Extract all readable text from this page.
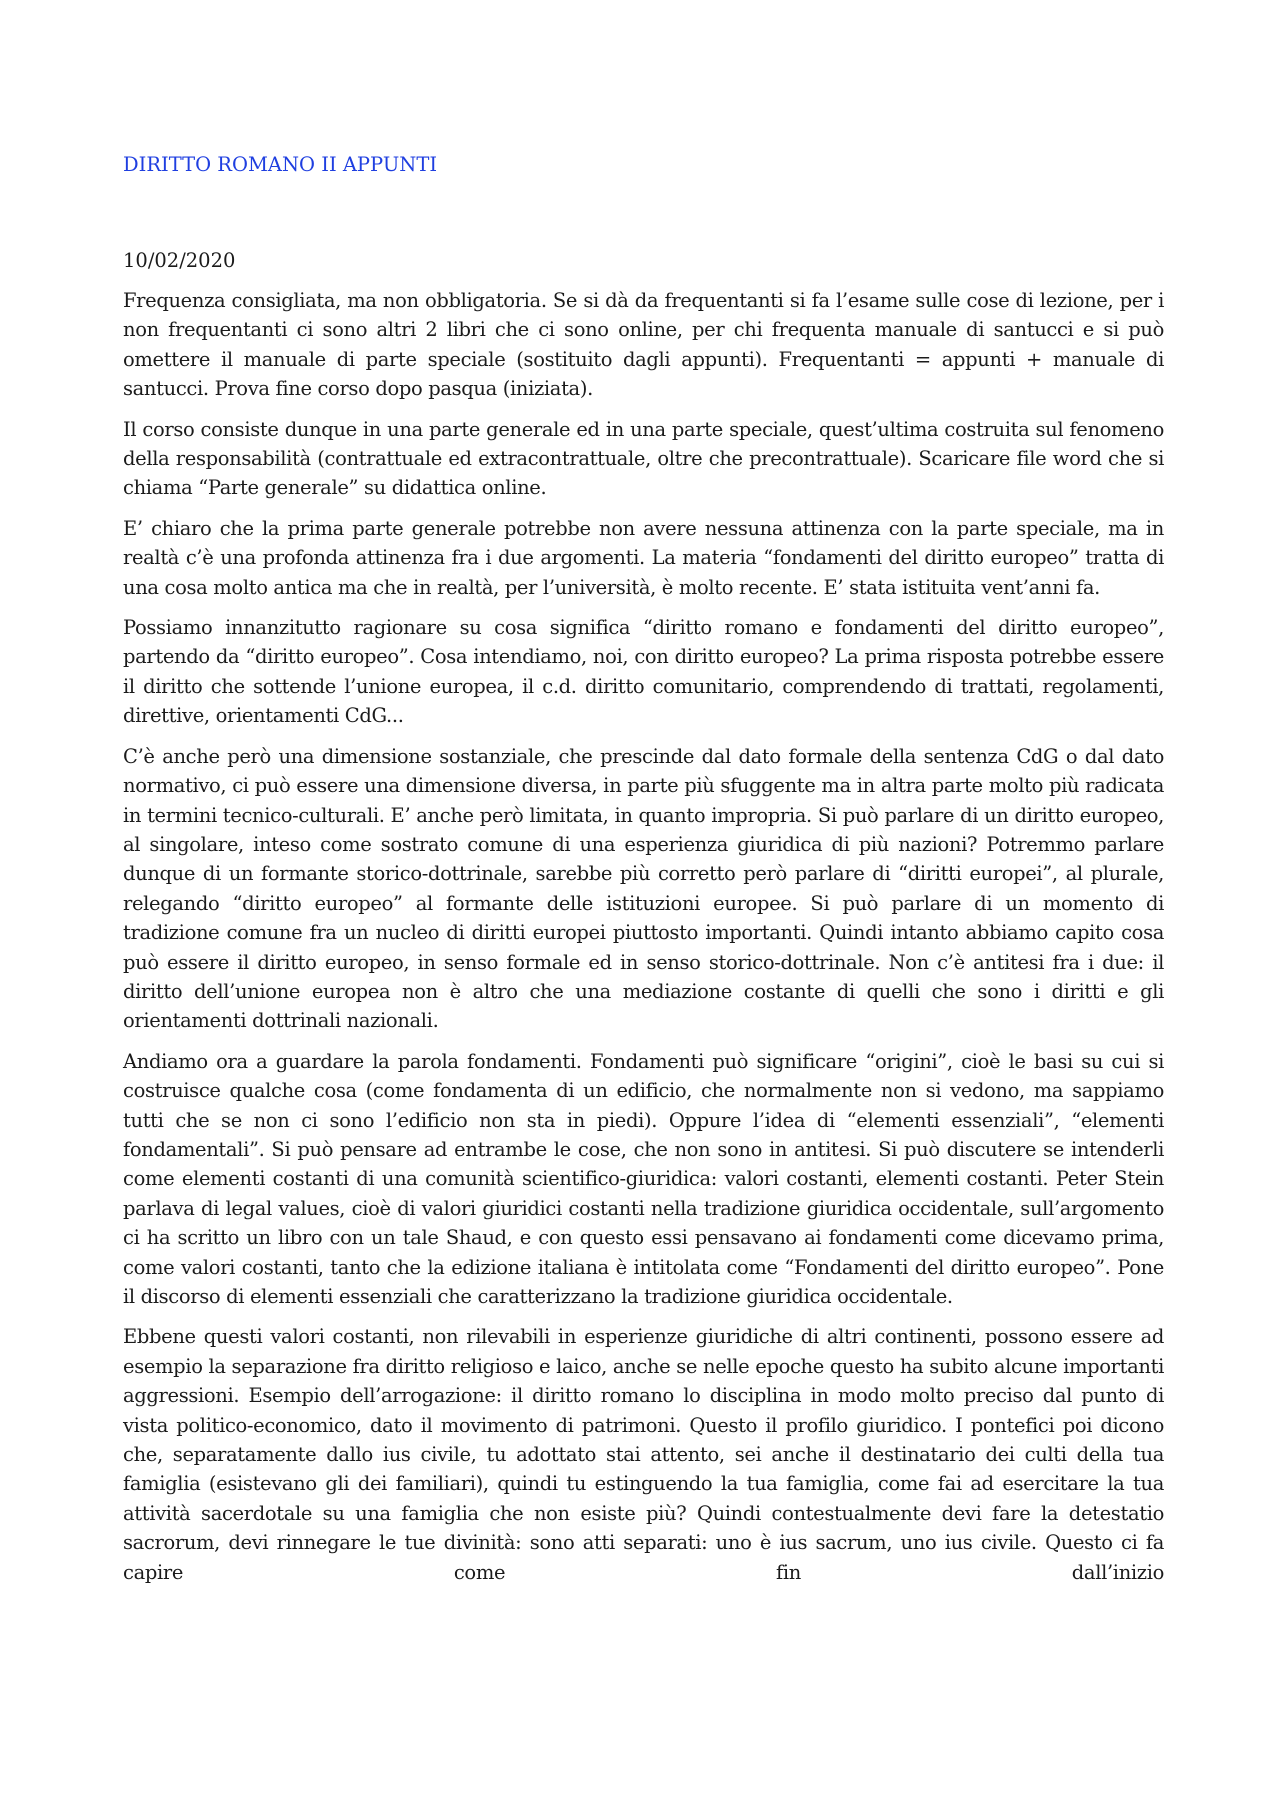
DIRITTO ROMANO II APPUNTI
10/02/2020

Frequenza consigliata, ma non obbligatoria. Se si dà da frequentanti si fa l’esame sulle cose di lezione, per i non frequentanti ci sono altri 2 libri che ci sono online, per chi frequenta manuale di santucci e si può omettere il manuale di parte speciale (sostituito dagli appunti). Frequentanti = appunti + manuale di santucci. Prova fine corso dopo pasqua (iniziata).

Il corso consiste dunque in una parte generale ed in una parte speciale, quest’ultima costruita sul fenomeno della responsabilità (contrattuale ed extracontrattuale, oltre che precontrattuale). Scaricare file word che si chiama “Parte generale” su didattica online.

E’ chiaro che la prima parte generale potrebbe non avere nessuna attinenza con la parte speciale, ma in realtà c’è una profonda attinenza fra i due argomenti. La materia “fondamenti del diritto europeo” tratta di una cosa molto antica ma che in realtà, per l’università, è molto recente. E’ stata istituita vent’anni fa.

Possiamo innanzitutto ragionare su cosa significa “diritto romano e fondamenti del diritto europeo”, partendo da “diritto europeo”. Cosa intendiamo, noi, con diritto europeo? La prima risposta potrebbe essere il diritto che sottende l’unione europea, il c.d. diritto comunitario, comprendendo di trattati, regolamenti, direttive, orientamenti CdG...

C’è anche però una dimensione sostanziale, che prescinde dal dato formale della sentenza CdG o dal dato normativo, ci può essere una dimensione diversa, in parte più sfuggente ma in altra parte molto più radicata in termini tecnico-culturali. E’ anche però limitata, in quanto impropria. Si può parlare di un diritto europeo, al singolare, inteso come sostrato comune di una esperienza giuridica di più nazioni? Potremmo parlare dunque di un formante storico-dottrinale, sarebbe più corretto però parlare di “diritti europei”, al plurale, relegando “diritto europeo” al formante delle istituzioni europee. Si può parlare di un momento di tradizione comune fra un nucleo di diritti europei piuttosto importanti. Quindi intanto abbiamo capito cosa può essere il diritto europeo, in senso formale ed in senso storico-dottrinale. Non c’è antitesi fra i due: il diritto dell’unione europea non è altro che una mediazione costante di quelli che sono i diritti e gli orientamenti dottrinali nazionali.

Andiamo ora a guardare la parola fondamenti. Fondamenti può significare “origini”, cioè le basi su cui si costruisce qualche cosa (come fondamenta di un edificio, che normalmente non si vedono, ma sappiamo tutti che se non ci sono l’edificio non sta in piedi). Oppure l’idea di “elementi essenziali”, “elementi fondamentali”. Si può pensare ad entrambe le cose, che non sono in antitesi. Si può discutere se intenderli come elementi costanti di una comunità scientifico-giuridica: valori costanti, elementi costanti. Peter Stein parlava di legal values, cioè di valori giuridici costanti nella tradizione giuridica occidentale, sull’argomento ci ha scritto un libro con un tale Shaud, e con questo essi pensavano ai fondamenti come dicevamo prima, come valori costanti, tanto che la edizione italiana è intitolata come “Fondamenti del diritto europeo”. Pone il discorso di elementi essenziali che caratterizzano la tradizione giuridica occidentale.

Ebbene questi valori costanti, non rilevabili in esperienze giuridiche di altri continenti, possono essere ad esempio la separazione fra diritto religioso e laico, anche se nelle epoche questo ha subito alcune importanti aggressioni. Esempio dell’arrogazione: il diritto romano lo disciplina in modo molto preciso dal punto di vista politico-economico, dato il movimento di patrimoni. Questo il profilo giuridico. I pontefici poi dicono che, separatamente dallo ius civile, tu adottato stai attento, sei anche il destinatario dei culti della tua famiglia (esistevano gli dei familiari), quindi tu estinguendo la tua famiglia, come fai ad esercitare la tua attività sacerdotale su una famiglia che non esiste più? Quindi contestualmente devi fare la detestatio sacrorum, devi rinnegare le tue divinità: sono atti separati: uno è ius sacrum, uno ius civile. Questo ci fa capire come fin dall’inizio
